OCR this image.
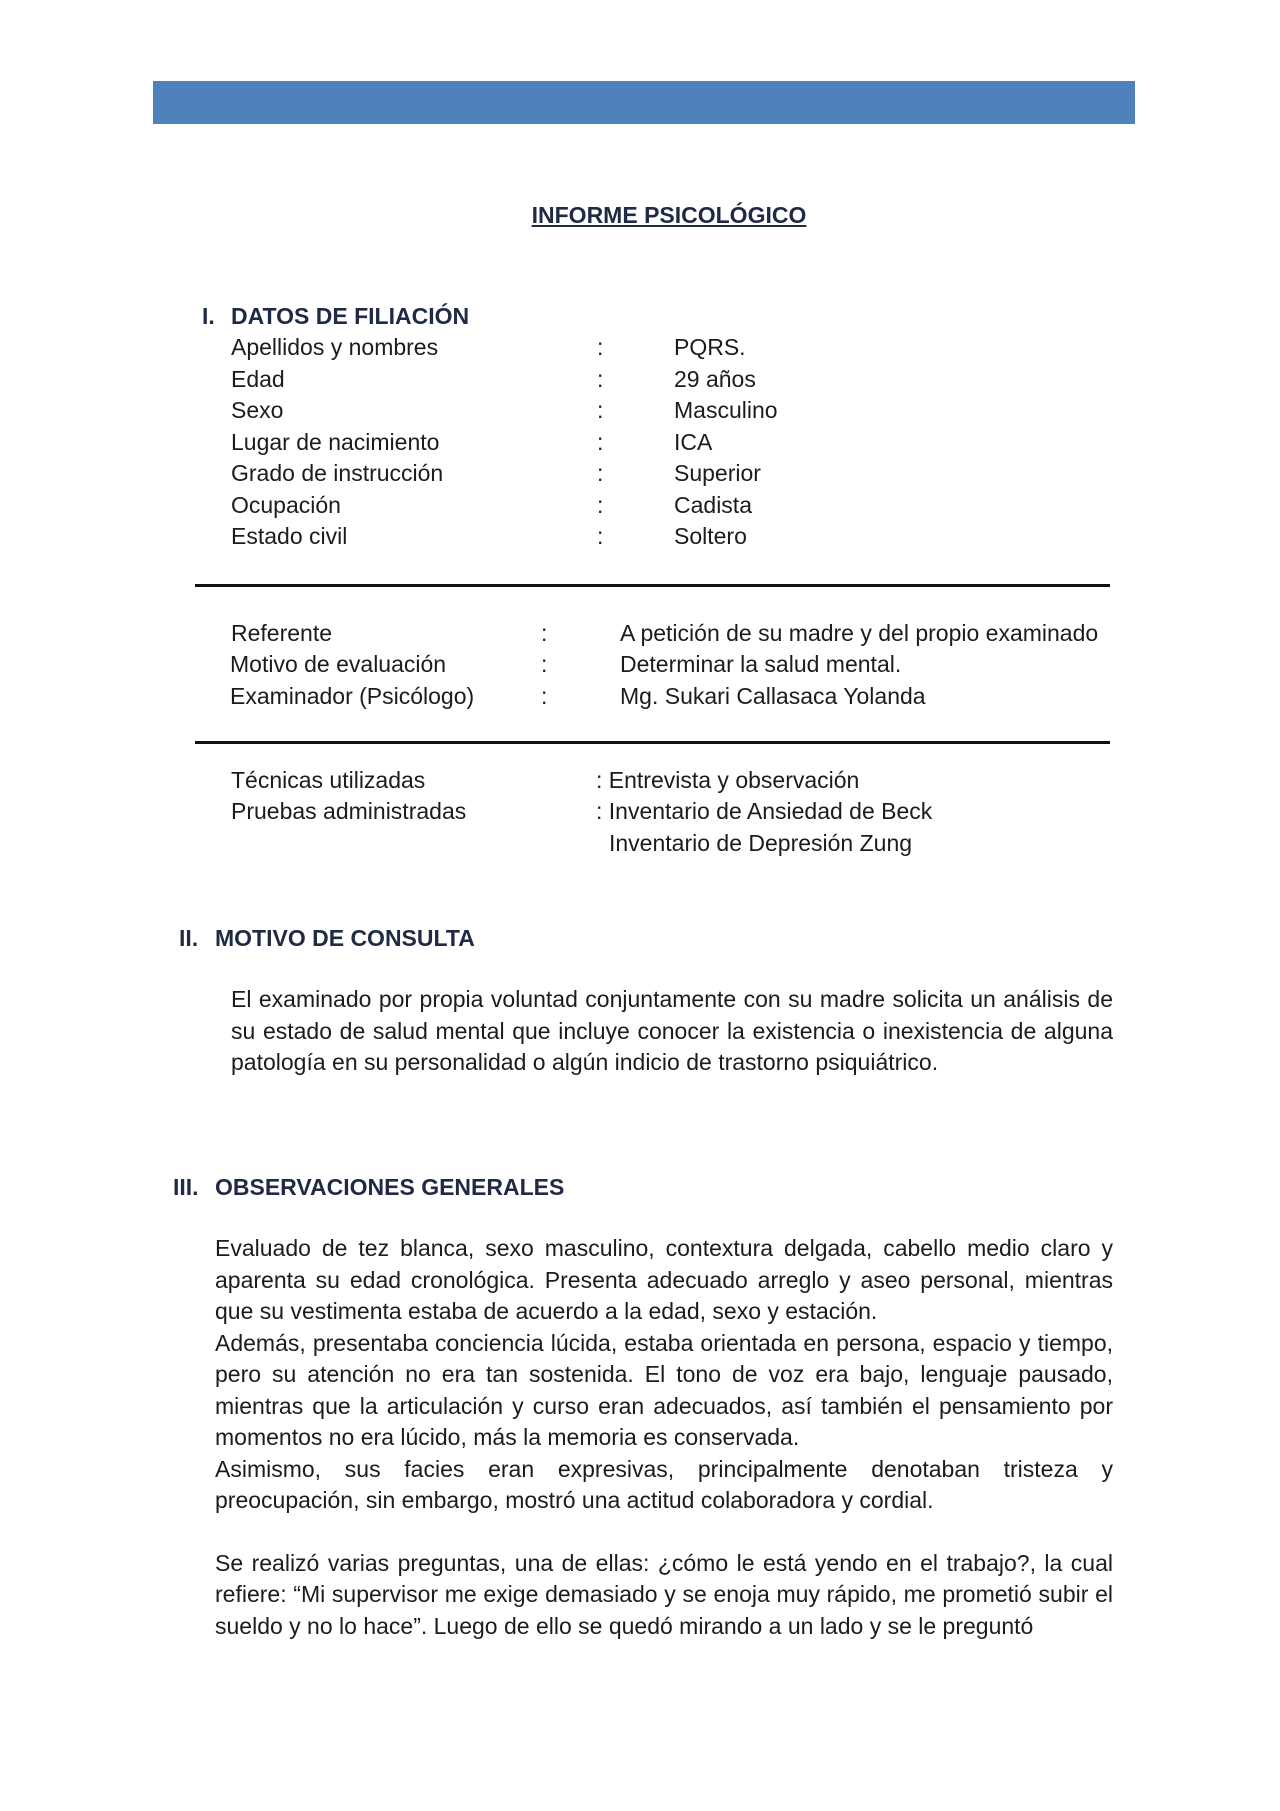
INFORME PSICOLÓGICO
I. DATOS DE FILIACIÓN
Apellidos y nombres	:	PQRS.
Edad	:	29 años
Sexo	:	Masculino
Lugar de nacimiento	:	ICA
Grado de instrucción	:	Superior
Ocupación	:	Cadista
Estado civil	:	Soltero
Referente	:	A petición de su madre y del propio examinado
Motivo de evaluación	:	Determinar la salud mental.
Examinador (Psicólogo)	:	Mg. Sukari Callasaca Yolanda
Técnicas utilizadas	: Entrevista y observación
Pruebas administradas	: Inventario de Ansiedad de Beck
Inventario de Depresión Zung
II. MOTIVO DE CONSULTA

El examinado por propia voluntad conjuntamente con su madre solicita un análisis de su estado de salud mental que incluye conocer la existencia o inexistencia de alguna patología en su personalidad o algún indicio de trastorno psiquiátrico.

III. OBSERVACIONES GENERALES

Evaluado de tez blanca, sexo masculino, contextura delgada, cabello medio claro y aparenta su edad cronológica. Presenta adecuado arreglo y aseo personal, mientras que su vestimenta estaba de acuerdo a la edad, sexo y estación.

Además, presentaba conciencia lúcida, estaba orientada en persona, espacio y tiempo, pero su atención no era tan sostenida. El tono de voz era bajo, lenguaje pausado, mientras que la articulación y curso eran adecuados, así también el pensamiento por momentos no era lúcido, más la memoria es conservada.

Asimismo, sus facies eran expresivas, principalmente denotaban tristeza y preocupación, sin embargo, mostró una actitud colaboradora y cordial.

Se realizó varias preguntas, una de ellas: ¿cómo le está yendo en el trabajo?, la cual refiere: “Mi supervisor me exige demasiado y se enoja muy rápido, me prometió subir el sueldo y no lo hace”. Luego de ello se quedó mirando a un lado y se le preguntó
